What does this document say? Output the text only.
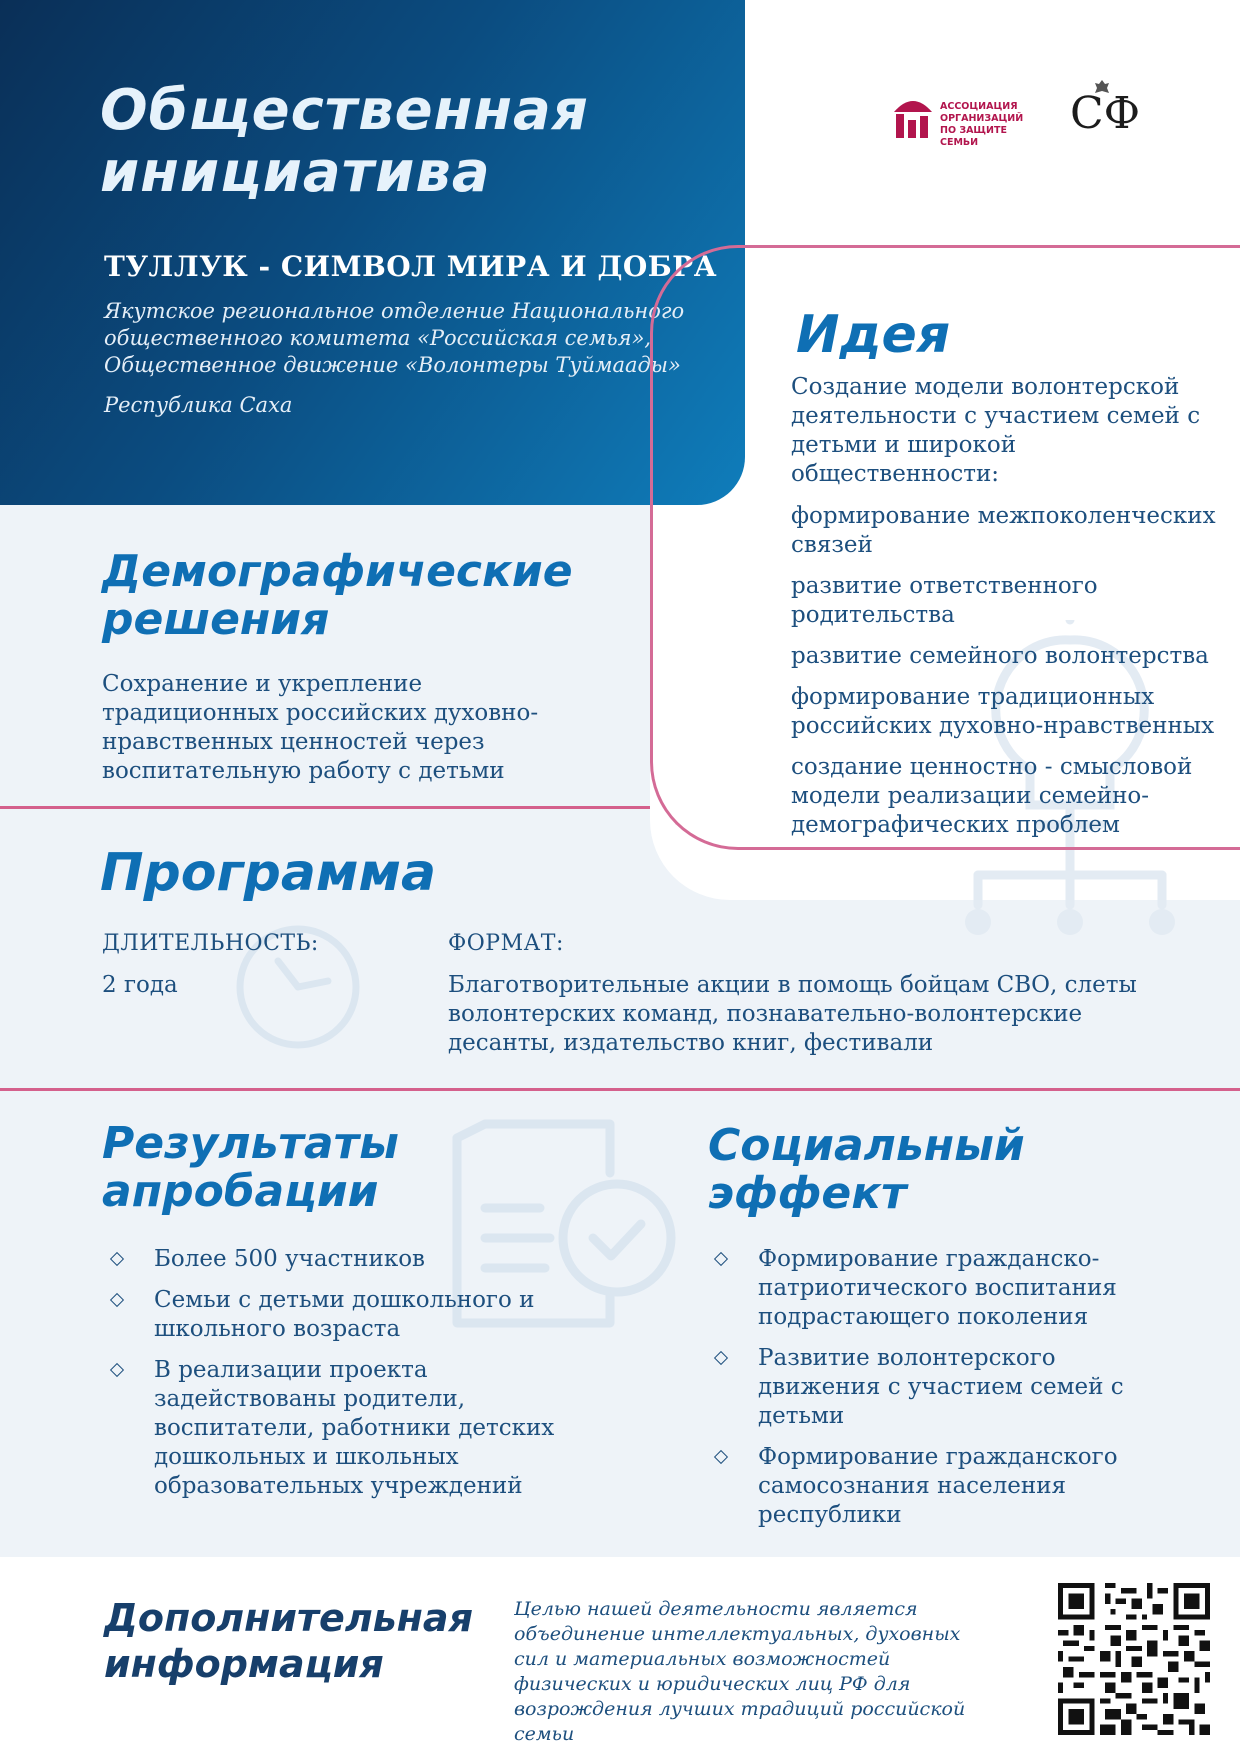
Общественная
инициатива
ТУЛЛУК - СИМВОЛ МИРА И ДОБРА
Якутское региональное отделение Национального
общественного комитета «Российская семья»,
Общественное движение «Волонтеры Туймаады»
Республика Саха
АССОЦИАЦИЯ
ОРГАНИЗАЦИЙ
ПО ЗАЩИТЕ СЕМЬИ
СФ
Идея
Создание модели волонтерской деятельности с участием семей с детьми и широкой общественности:
формирование межпоколенческих связей
развитие ответственного родительства
развитие семейного волонтерства
формирование традиционных российских духовно-нравственных
создание ценностно - смысловой модели реализации семейно-демографических проблем
Демографические
решения
Сохранение и укрепление традиционных российских духовно-нравственных ценностей через воспитательную работу с детьми
Программа
ДЛИТЕЛЬНОСТЬ:
2 года
ФОРМАТ:
Благотворительные акции в помощь бойцам СВО, слеты волонтерских команд, познавательно-волонтерские десанты, издательство книг, фестивали
Результаты
апробации
Более 500 участников
Семьи с детьми дошкольного и школьного возраста
В реализации проекта задействованы родители, воспитатели, работники детских дошкольных и школьных образовательных учреждений
Социальный
эффект
Формирование гражданско-патриотического воспитания подрастающего поколения
Развитие волонтерского движения с участием семей с детьми
Формирование гражданского самосознания населения республики
Дополнительная
информация
Целью нашей деятельности является объединение интеллектуальных, духовных сил и материальных возможностей физических и юридических лиц РФ для возрождения лучших традиций российской семьи
